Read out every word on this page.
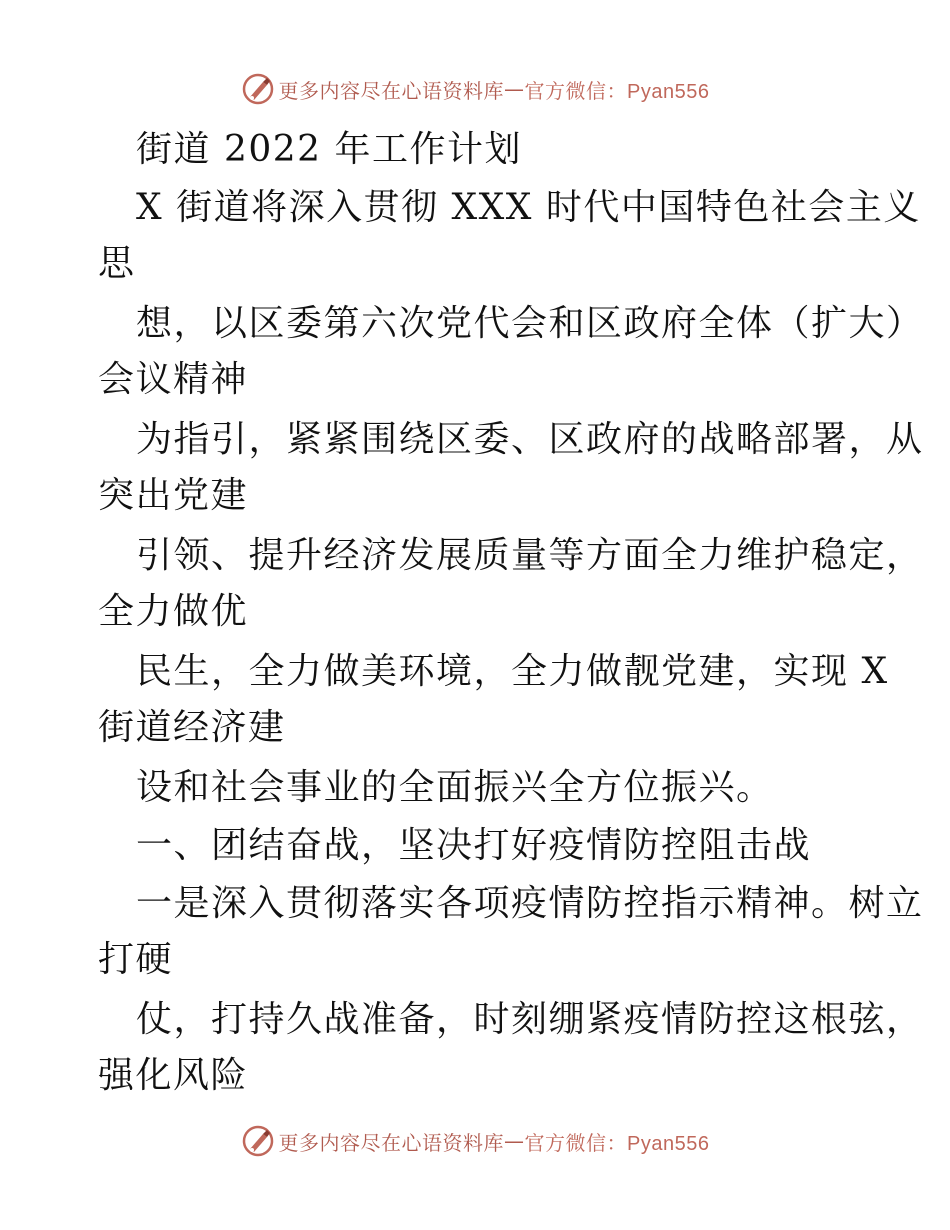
更多内容尽在心语资料库 — 官方微信：Pyan556
街道 2022 年工作计划
X 街道将深入贯彻 XXX 时代中国特色社会主义
思
想，以区委第六次党代会和区政府全体（扩大）
会议精神
为指引，紧紧围绕区委、区政府的战略部署，从
突出党建
引领、提升经济发展质量等方面全力维护稳定，
全力做优
民生，全力做美环境，全力做靓党建，实现 X
街道经济建
设和社会事业的全面振兴全方位振兴。
一、团结奋战，坚决打好疫情防控阻击战
一是深入贯彻落实各项疫情防控指示精神。树立
打硬
仗，打持久战准备，时刻绷紧疫情防控这根弦，
强化风险
更多内容尽在心语资料库 — 官方微信：Pyan556
